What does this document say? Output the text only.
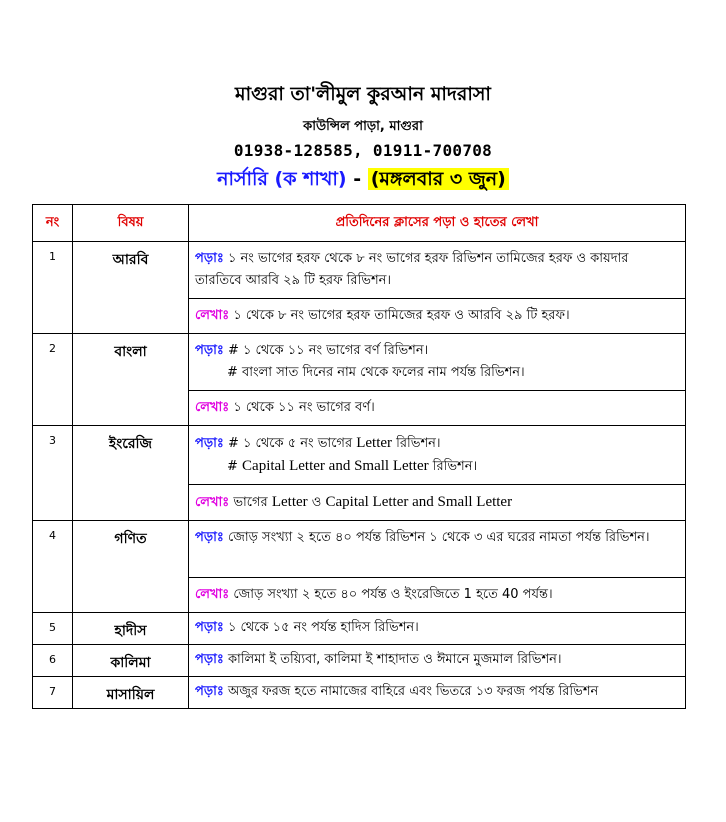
মাগুরা তা'লীমুল কুরআন মাদরাসা
কাউন্সিল পাড়া, মাগুরা
01938-128585, 01911-700708
নার্সারি (ক শাখা) - (মঙ্গলবার ৩ জুন)
নং	বিষয়	প্রতিদিনের ক্লাসের পড়া ও হাতের লেখা
1	আরবি	পড়াঃ ১ নং ভাগের হরফ থেকে ৮ নং ভাগের হরফ রিভিশন তামিজের হরফ ও কায়দার তারতিবে আরবি ২৯ টি হরফ রিভিশন।
		লেখাঃ ১ থেকে ৮ নং ভাগের হরফ তামিজের হরফ ও আরবি ২৯ টি হরফ।
2	বাংলা	পড়াঃ # ১ থেকে ১১ নং ভাগের বর্ণ রিভিশন।
# বাংলা সাত দিনের নাম থেকে ফলের নাম পর্যন্ত রিভিশন।

		লেখাঃ ১ থেকে ১১ নং ভাগের বর্ণ।
3	ইংরেজি	পড়াঃ # ১ থেকে ৫ নং ভাগের Letter রিভিশন।
# Capital Letter and Small Letter রিভিশন।

		লেখাঃ ভাগের Letter ও Capital Letter and Small Letter
4	গণিত	পড়াঃ জোড় সংখ্যা ২ হতে ৪০ পর্যন্ত রিভিশন ১ থেকে ৩ এর ঘরের নামতা পর্যন্ত রিভিশন।
		লেখাঃ জোড় সংখ্যা ২ হতে ৪০ পর্যন্ত ও ইংরেজিতে 1 হতে 40 পর্যন্ত।
5	হাদীস	পড়াঃ ১ থেকে ১৫ নং পর্যন্ত হাদিস রিভিশন।
6	কালিমা	পড়াঃ কালিমা ই তয়্যিবা, কালিমা ই শাহাদাত ও ঈমানে মুজমাল রিভিশন।
7	মাসায়িল	পড়াঃ অজুর ফরজ হতে নামাজের বাহিরে এবং ভিতরে ১৩ ফরজ পর্যন্ত রিভিশন
